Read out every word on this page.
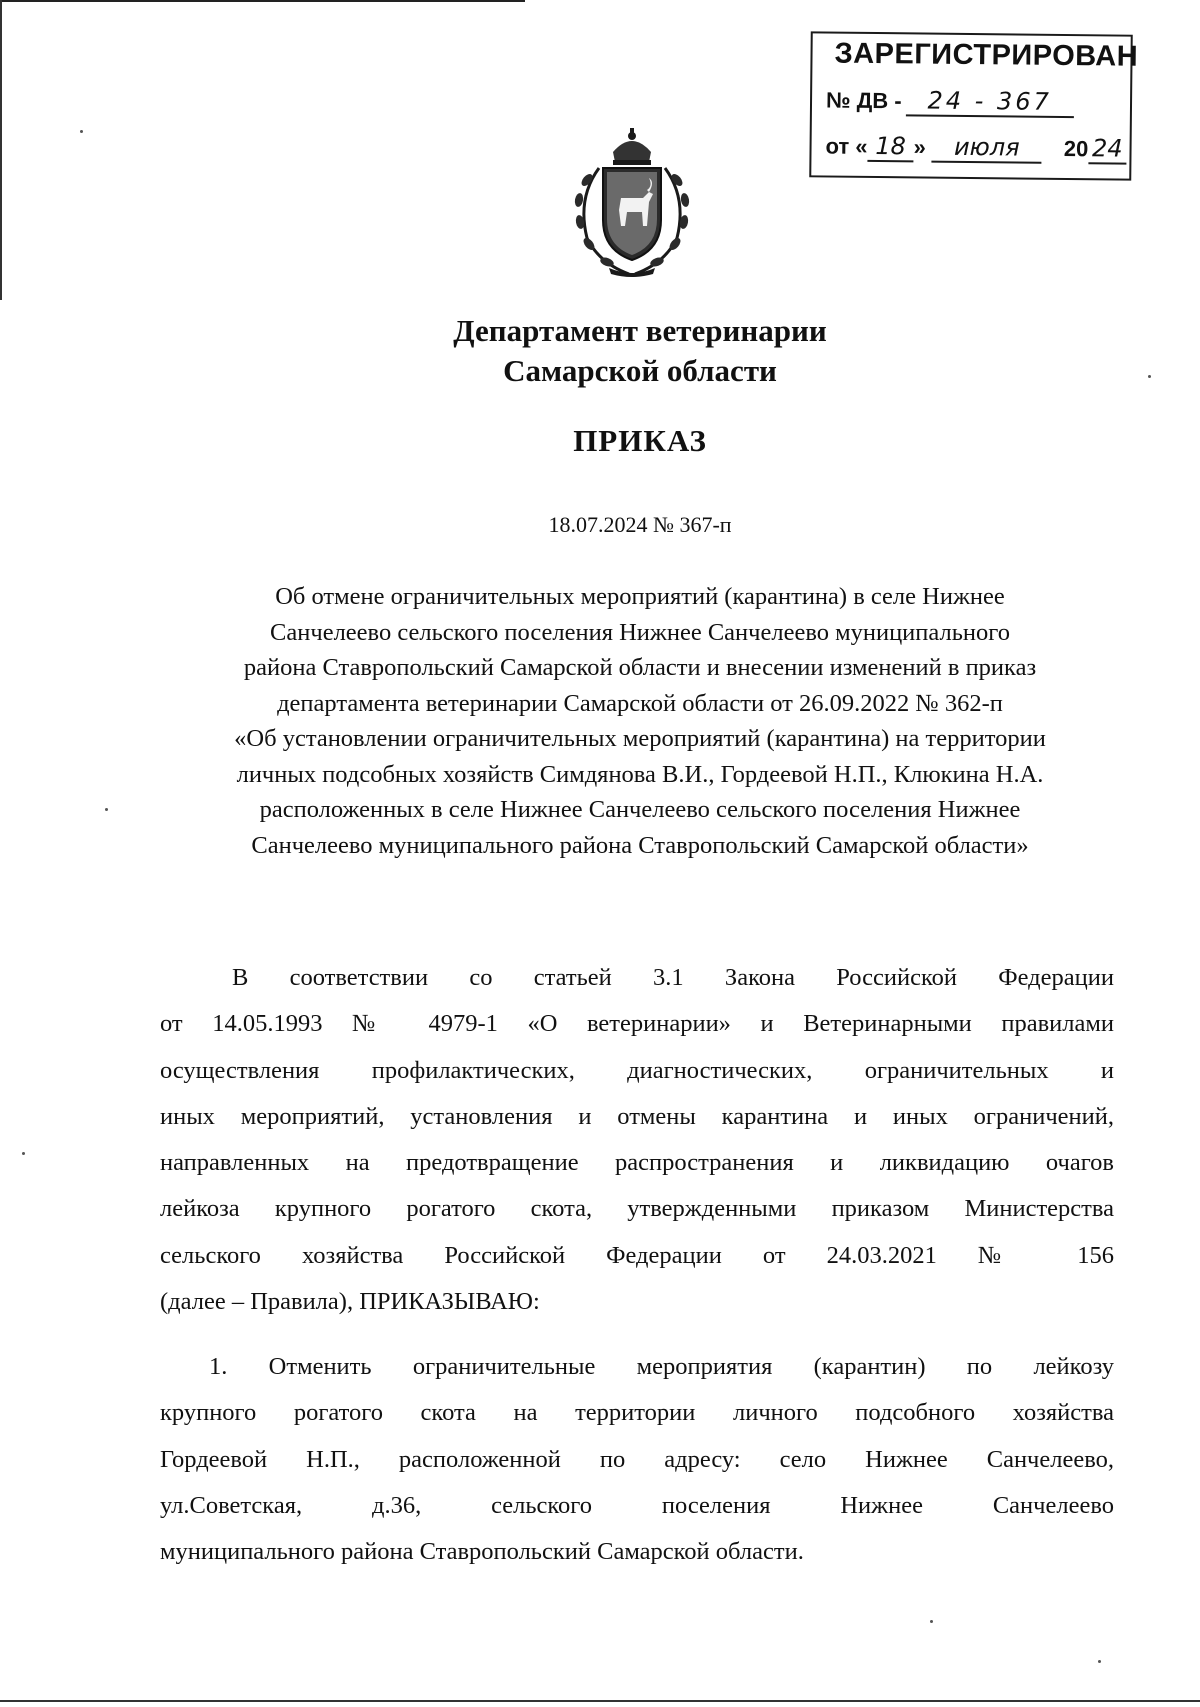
ЗАРЕГИСТРИРОВАН
№ ДВ - 24 - 367
от « 18 » июля 20 24
Департамент ветеринарии
Самарской области
ПРИКАЗ
18.07.2024 № 367-п
Об отмене ограничительных мероприятий (карантина) в селе Нижнее
Санчелеево сельского поселения Нижнее Санчелеево муниципального
района Ставропольский Самарской области и внесении изменений в приказ
департамента ветеринарии Самарской области от 26.09.2022 № 362-п
«Об установлении ограничительных мероприятий (карантина) на территории
личных подсобных хозяйств Симдянова В.И., Гордеевой Н.П., Клюкина Н.А.
расположенных в селе Нижнее Санчелеево сельского поселения Нижнее
Санчелеево муниципального района Ставропольский Самарской области»
В соответствии со статьей 3.1 Закона Российской Федерации
от 14.05.1993 № 4979-1 «О ветеринарии» и Ветеринарными правилами
осуществления профилактических, диагностических, ограничительных и
иных мероприятий, установления и отмены карантина и иных ограничений,
направленных на предотвращение распространения и ликвидацию очагов
лейкоза крупного рогатого скота, утвержденными приказом Министерства
сельского хозяйства Российской Федерации от 24.03.2021 № 156
(далее – Правила), ПРИКАЗЫВАЮ:
1. Отменить ограничительные мероприятия (карантин) по лейкозу
крупного рогатого скота на территории личного подсобного хозяйства
Гордеевой Н.П., расположенной по адресу: село Нижнее Санчелеево,
ул.Советская, д.36, сельского поселения Нижнее Санчелеево
муниципального района Ставропольский Самарской области.
